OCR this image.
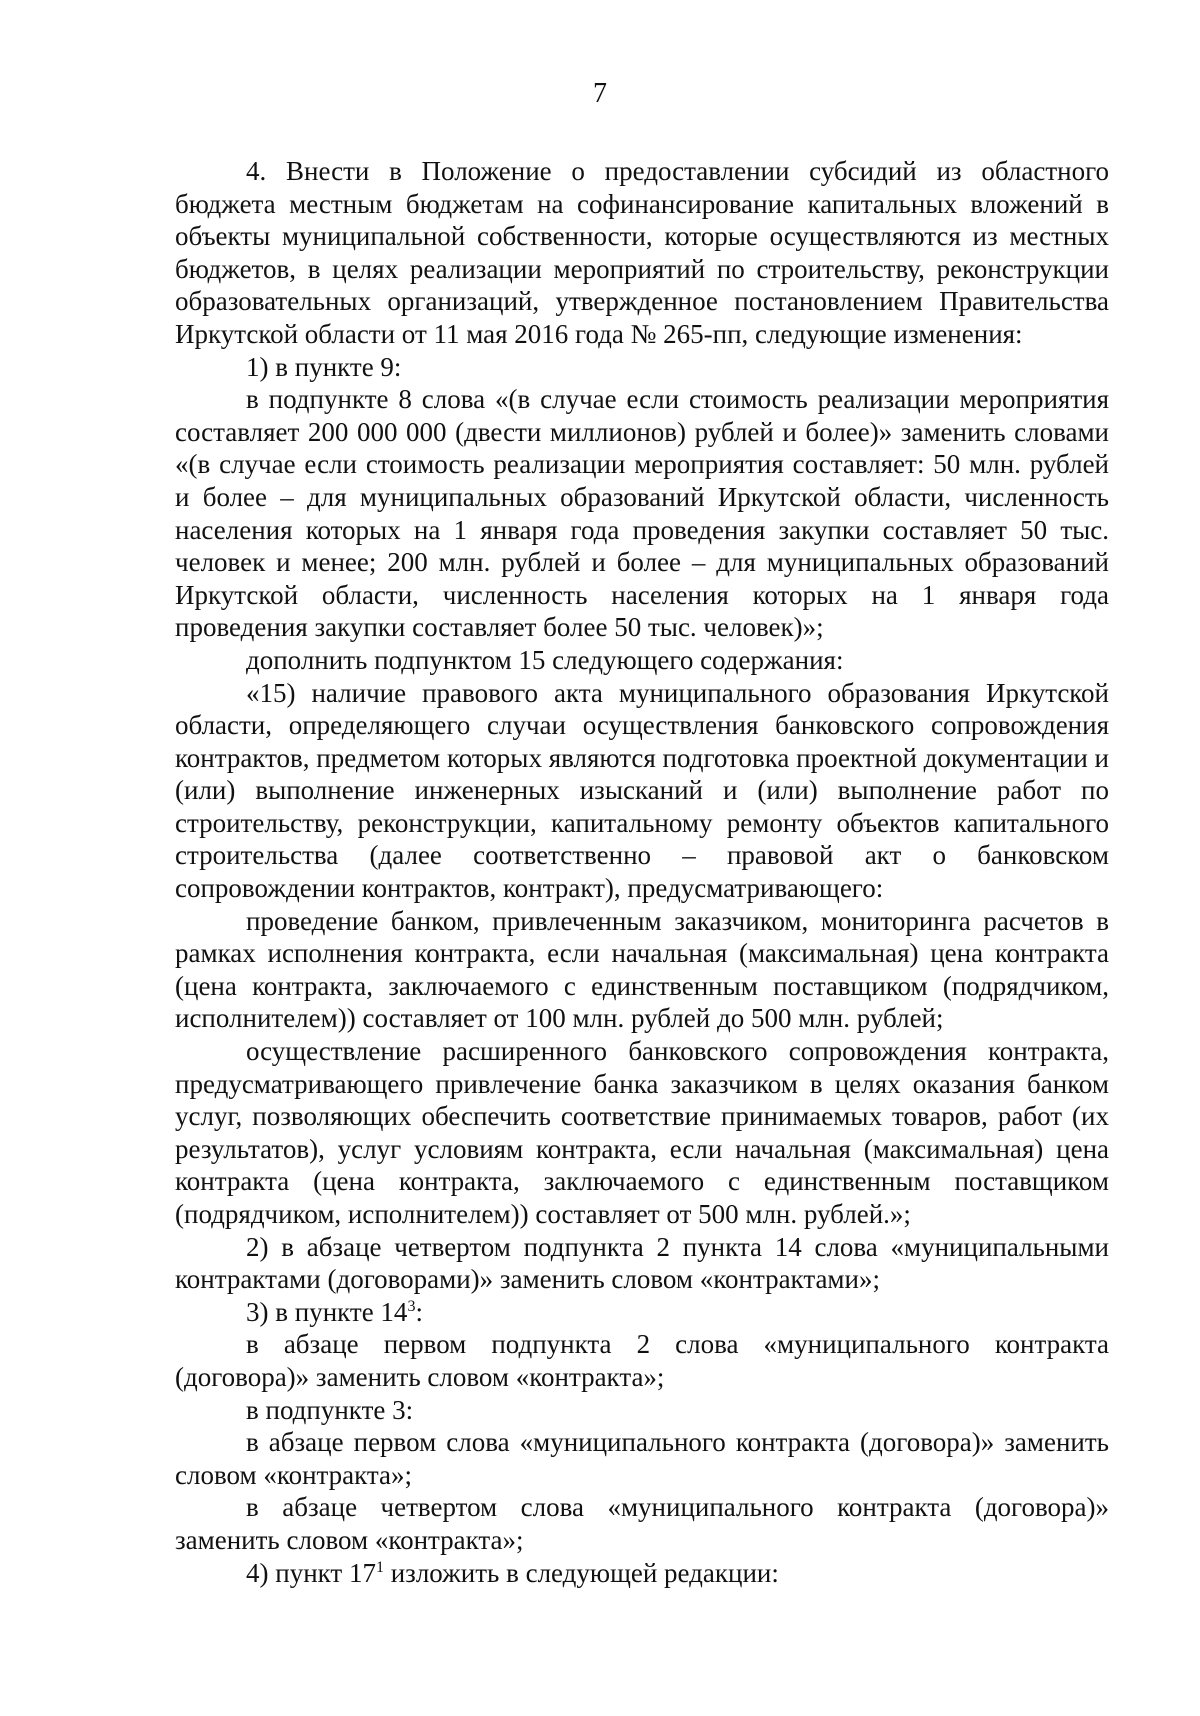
7

4. Внести в Положение о предоставлении субсидий из областного бюджета местным бюджетам на софинансирование капитальных вложений в объекты муниципальной собственности, которые осуществляются из местных бюджетов, в целях реализации мероприятий по строительству, реконструкции образовательных организаций, утвержденное постановлением Правительства Иркутской области от 11 мая 2016 года № 265-пп, следующие изменения:

1) в пункте 9:

в подпункте 8 слова «(в случае если стоимость реализации мероприятия составляет 200 000 000 (двести миллионов) рублей и более)» заменить словами «(в случае если стоимость реализации мероприятия составляет: 50 млн. рублей и более – для муниципальных образований Иркутской области, численность населения которых на 1 января года проведения закупки составляет 50 тыс. человек и менее; 200 млн. рублей и более – для муниципальных образований Иркутской области, численность населения которых на 1 января года проведения закупки составляет более 50 тыс. человек)»;

дополнить подпунктом 15 следующего содержания:

«15) наличие правового акта муниципального образования Иркутской области, определяющего случаи осуществления банковского сопровождения контрактов, предметом которых являются подготовка проектной документации и (или) выполнение инженерных изысканий и (или) выполнение работ по строительству, реконструкции, капитальному ремонту объектов капитального строительства (далее соответственно – правовой акт о банковском сопровождении контрактов, контракт), предусматривающего:

проведение банком, привлеченным заказчиком, мониторинга расчетов в рамках исполнения контракта, если начальная (максимальная) цена контракта (цена контракта, заключаемого с единственным поставщиком (подрядчиком, исполнителем)) составляет от 100 млн. рублей до 500 млн. рублей;

осуществление расширенного банковского сопровождения контракта, предусматривающего привлечение банка заказчиком в целях оказания банком услуг, позволяющих обеспечить соответствие принимаемых товаров, работ (их результатов), услуг условиям контракта, если начальная (максимальная) цена контракта (цена контракта, заключаемого с единственным поставщиком (подрядчиком, исполнителем)) составляет от 500 млн. рублей.»;

2) в абзаце четвертом подпункта 2 пункта 14 слова «муниципальными контрактами (договорами)» заменить словом «контрактами»;

3) в пункте $14^3$:

в абзаце первом подпункта 2 слова «муниципального контракта (договора)» заменить словом «контракта»;

в подпункте 3:

в абзаце первом слова «муниципального контракта (договора)» заменить словом «контракта»;

в абзаце четвертом слова «муниципального контракта (договора)» заменить словом «контракта»;

4) пункт $17^1$ изложить в следующей редакции:
